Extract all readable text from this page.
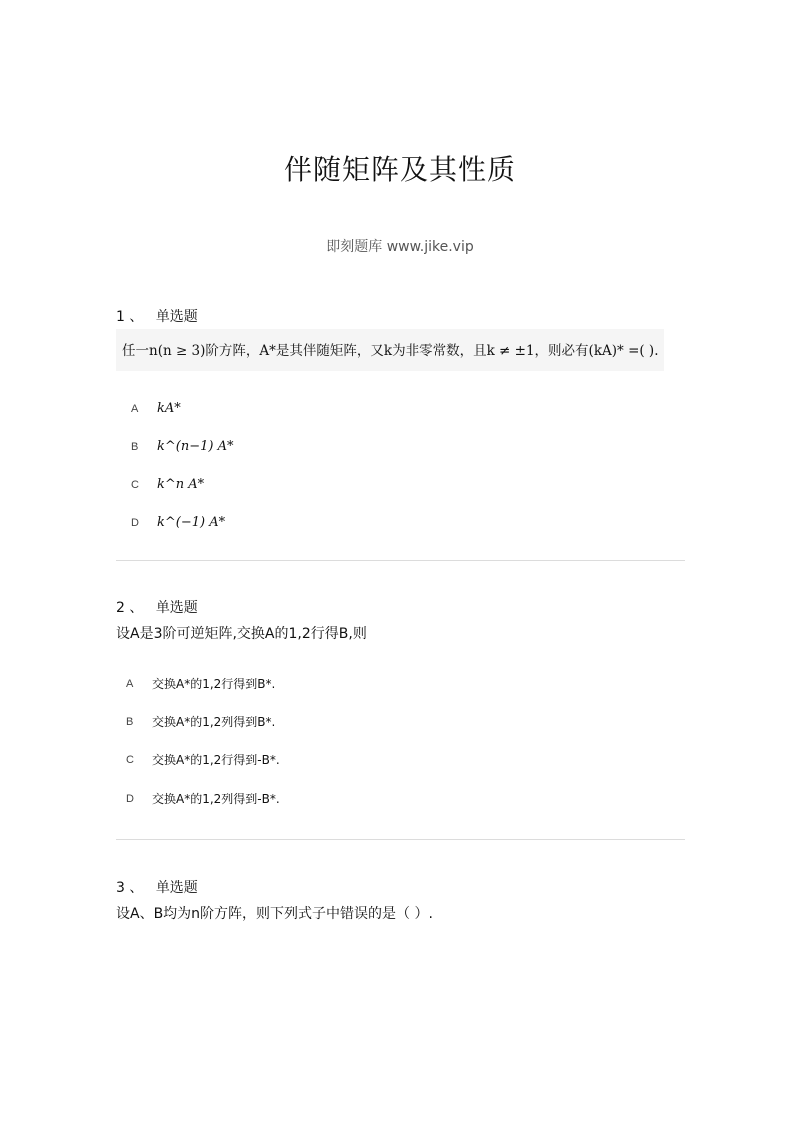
伴随矩阵及其性质
即刻题库 www.jike.vip
1 、 单选题
任一n(n ≥ 3)阶方阵，A*是其伴随矩阵，又k为非零常数，且k ≠ ±1，则必有(kA)* =( ).
A	kA*
B	k^(n−1) A*
C	k^n A*
D	k^(−1) A*
2 、 单选题
设A是3阶可逆矩阵,交换A的1,2行得B,则
A	交换A*的1,2行得到B*.
B	交换A*的1,2列得到B*.
C	交换A*的1,2行得到-B*.
D	交换A*的1,2列得到-B*.
3 、 单选题
设A、B均为n阶方阵，则下列式子中错误的是（ ）.
